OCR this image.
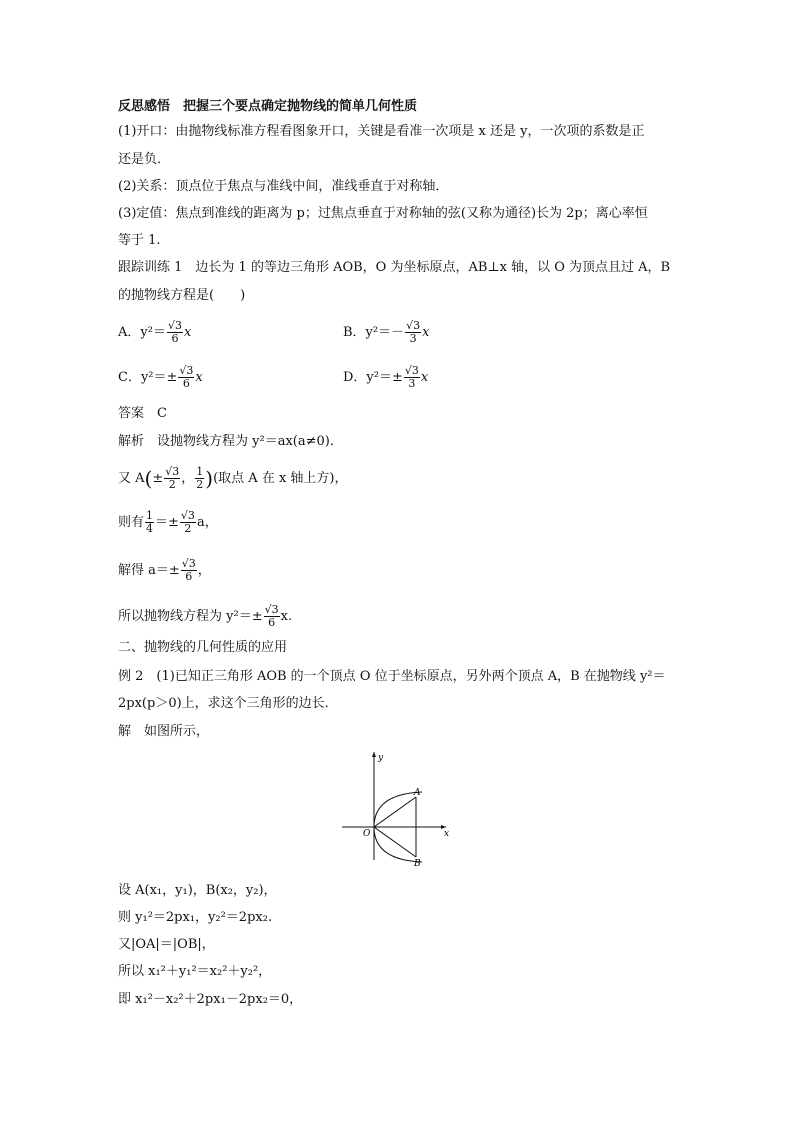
反思感悟　把握三个要点确定抛物线的简单几何性质
(1)开口：由抛物线标准方程看图象开口，关键是看准一次项是 x 还是 y，一次项的系数是正
还是负．
(2)关系：顶点位于焦点与准线中间，准线垂直于对称轴．
(3)定值：焦点到准线的距离为 p；过焦点垂直于对称轴的弦(又称为通径)长为 2p；离心率恒
等于 1.
跟踪训练 1　边长为 1 的等边三角形 AOB，O 为坐标原点，AB⊥x 轴，以 O 为顶点且过 A，B
的抛物线方程是(　　)
A．$y^2= \frac{√3}{6}$ x	B．$y^2=- \frac{√3}{3}$ x
C．$y^2=\pm \frac{√3}{6}$ x	D．$y^2=\pm \frac{√3}{3}$ x
答案　C
解析　设抛物线方程为 y²＝ax(a≠0)．
又 $A(\pm \frac{√3}{2}$ ， $\frac{1}{2}$ )(取点 A 在 x 轴上方)，
则有 $\frac{1}{4} =\pm \frac{√3}{2}$ a，
解得 $a=\pm \frac{√3}{6}$ ，
所以抛物线方程为 $y^2=\pm \frac{√3}{6} x$.
二、抛物线的几何性质的应用
例 2　(1)已知正三角形 AOB 的一个顶点 O 位于坐标原点，另外两个顶点 A，B 在抛物线 y²＝
2px(p＞0)上，求这个三角形的边长．
解　如图所示，
y
x
O
A
B
设 A(x₁，y₁)，B(x₂，y₂)，
则 y₁²＝2px₁，y₂²＝2px₂.
又|OA|＝|OB|，
所以 x₁²＋y₁²＝x₂²＋y₂²，
即 x₁²－x₂²＋2px₁－2px₂＝0，
